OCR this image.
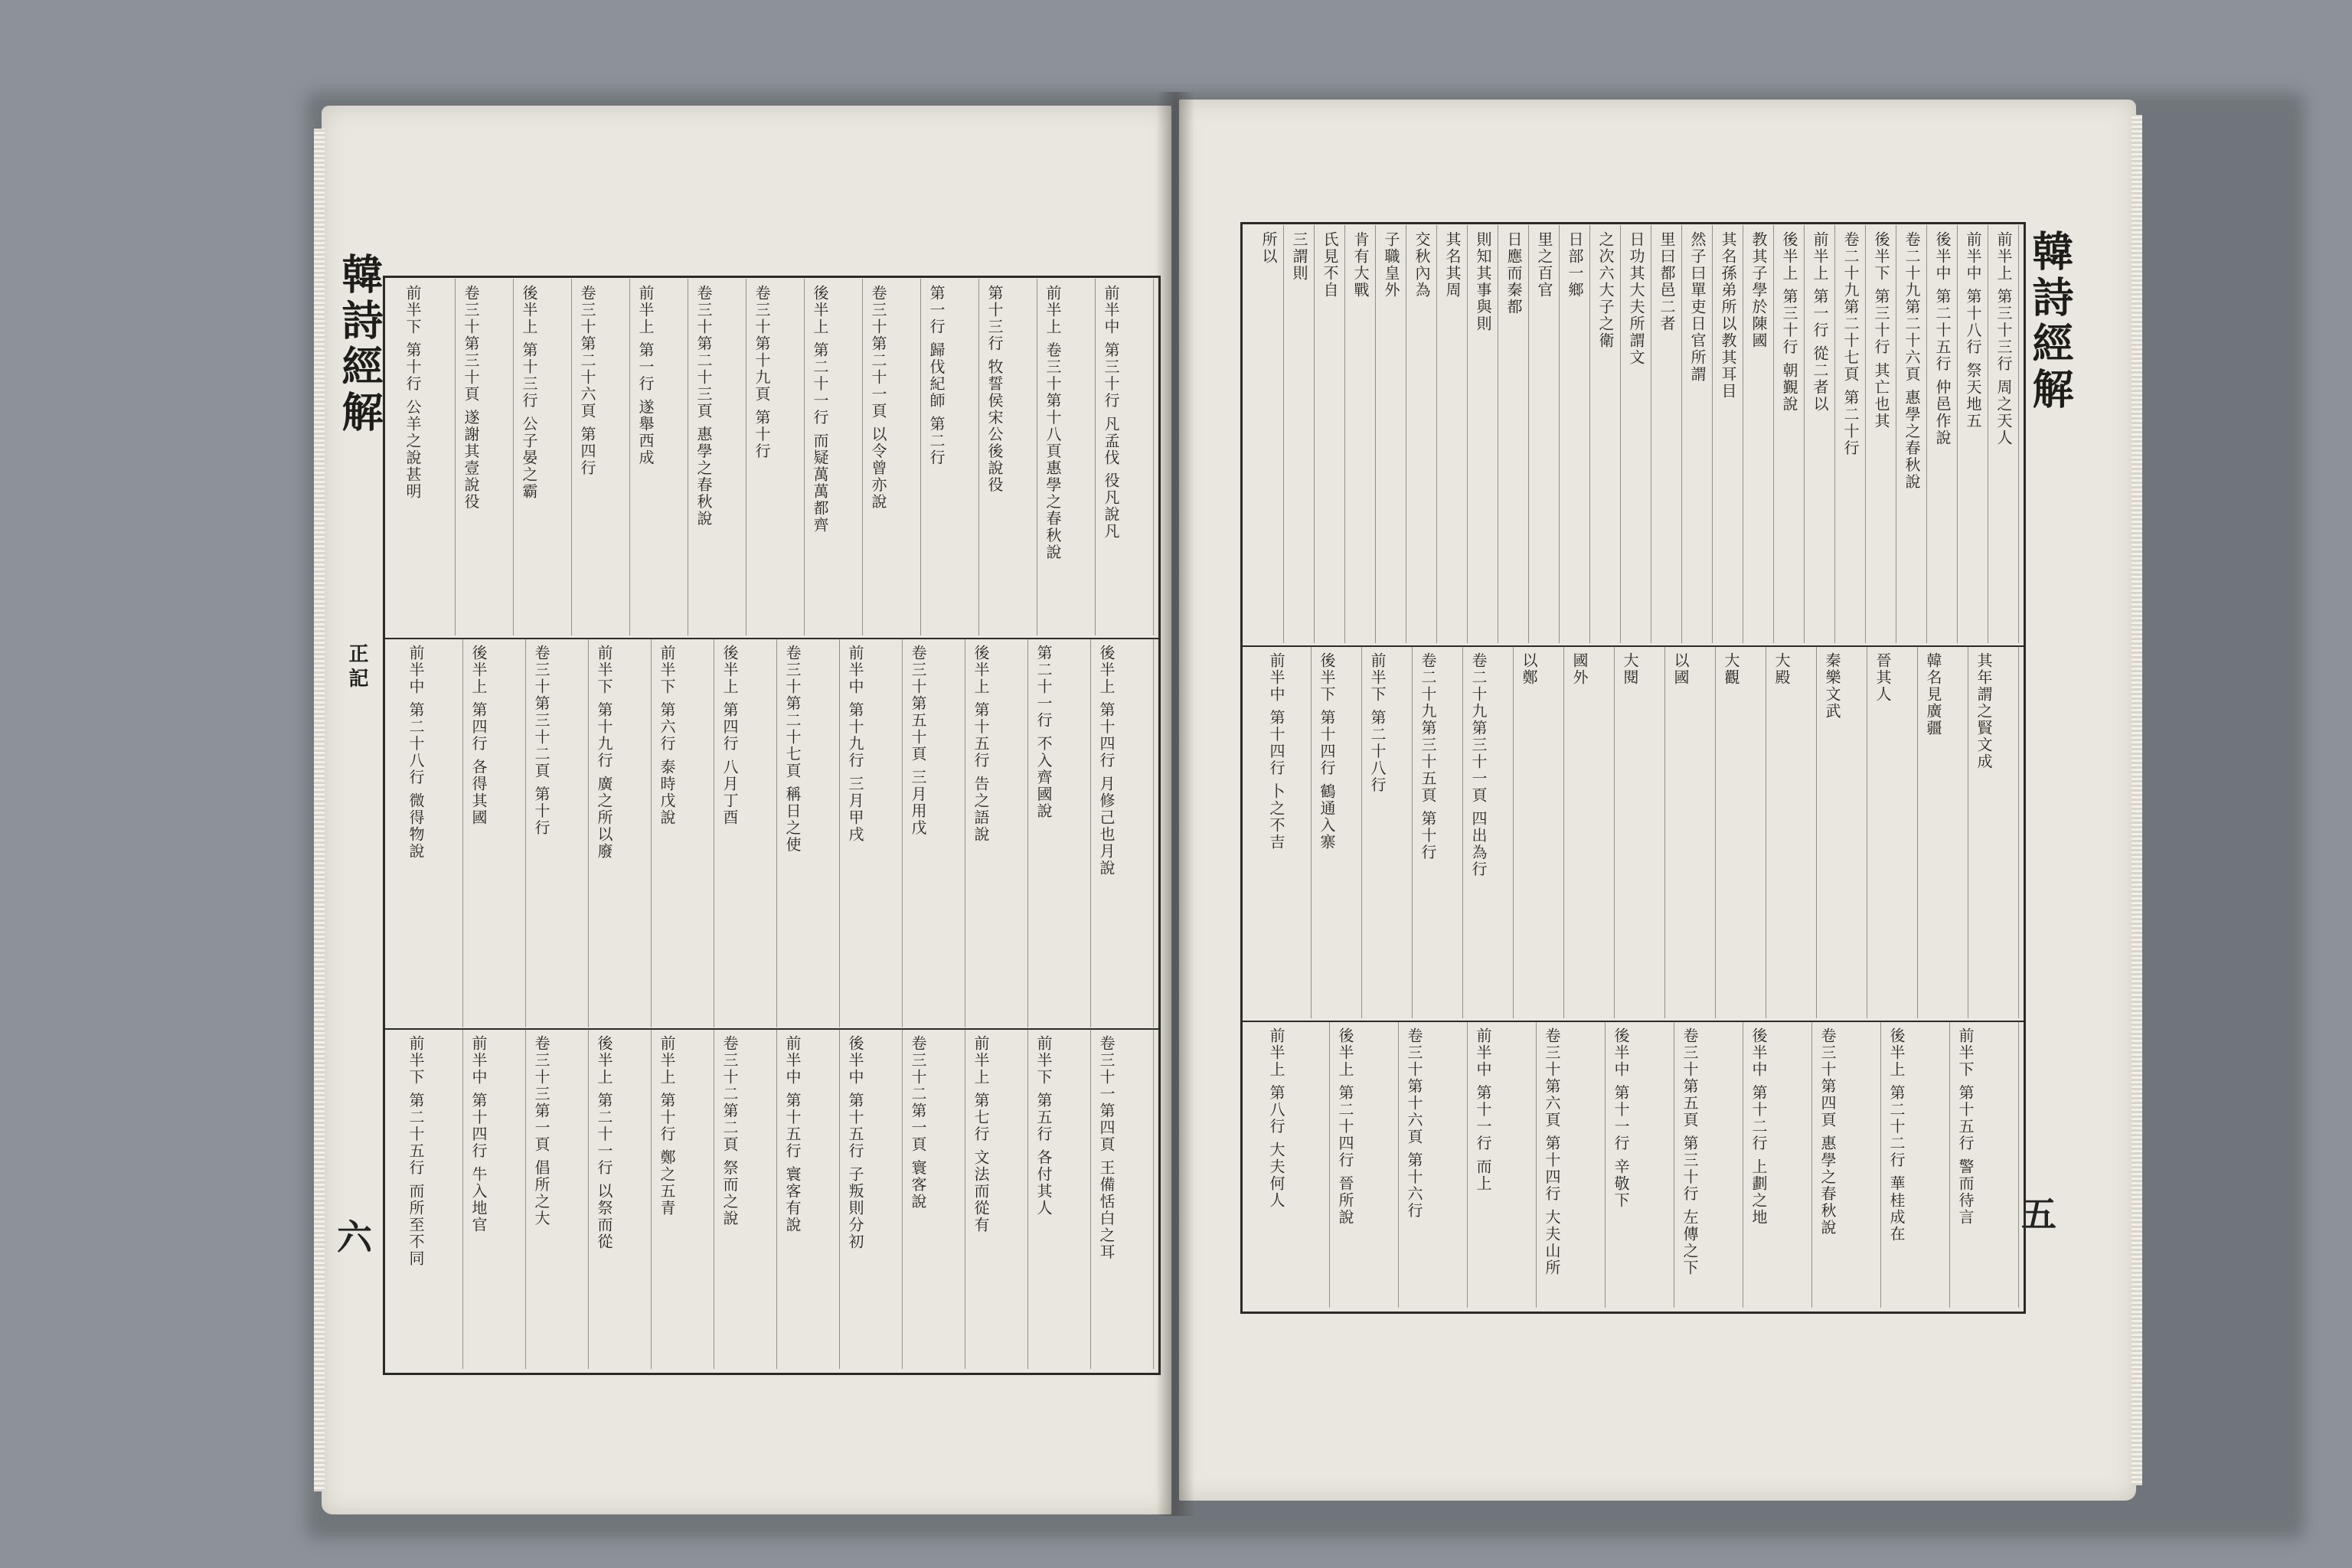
韓詩經解
正記
六
韓詩經解
五
前半中 第三十行 凡孟伐 役凡說凡
前半上 卷三十第十八頁惠學之春秋說
第十三行 牧誓侯宋公後說役
第一行 歸伐紀師 第二行
卷三十第二十一頁 以令曾亦說
後半上 第二十一行 而疑萬萬都齊
卷三十第十九頁 第十行
卷三十第二十三頁 惠學之春秋說
前半上 第一行 遂舉西成
卷三十第二十六頁 第四行
後半上 第十三行 公子晏之霸
卷三十第三十頁 遂謝其壹說役
前半下 第十行 公羊之說甚明
後半上 第十四行 月修己也月說
第二十一行 不入齊國說
後半上 第十五行 告之語說
卷三十第五十頁 三月用戊
前半中 第十九行 三月甲戌
卷三十第二十七頁 稱日之使
後半上 第四行 八月丁酉
前半下 第六行 泰時戊說
前半下 第十九行 廣之所以廢
卷三十第三十二頁 第十行
後半上 第四行 各得其國
前半中 第二十八行 微得物說
卷三十一第四頁 王備恬白之耳
前半下 第五行 各付其人
前半上 第七行 文法而從有
卷三十二第一頁 寰客說
後半中 第十五行 子叛則分初
前半中 第十五行 寰客有說
卷三十二第二頁 祭而之說
前半上 第十行 鄭之五青
後半上 第二十一行 以祭而從
卷三十三第一頁 倡所之大
前半中 第十四行 牛入地官
前半下 第二十五行 而所至不同
前半上 第三十三行 周之天人
前半中 第十八行 祭天地五
後半中 第二十五行 仲邑作說
卷二十九第二十六頁 惠學之春秋說
後半下 第三十行 其亡也其
卷二十九第二十七頁 第二十行
前半上 第一行 從二者以
後半上 第三十行 朝覲說
教其子學於陳國
其名孫弟所以教其耳目
然子曰單吏日官所謂
里曰都邑二者
日功其大夫所謂文
之次六大子之衛
日部一鄉
里之百官
日應而秦都
則知其事與則
其名其周
交秋內為
子職皇外
肯有大戰
氏見不自
三謂則
所以
其年謂之賢文成
韓名見廣疆
晉其人
秦樂文武
大殿
大觀
以國
大閱
國外
以鄭
卷二十九第三十一頁 四出為行
卷二十九第三十五頁 第十行
前半下 第二十八行
後半下 第十四行 鶴通入寨
前半中 第十四行 卜之不吉
前半下 第十五行 警而待言
後半上 第二十二行 華桂成在
卷三十第四頁 惠學之春秋說
後半中 第十二行 上劃之地
卷三十第五頁 第三十行 左傳之下
後半中 第十一行 辛敬下
卷三十第六頁 第十四行 大夫山所
前半中 第十一行 而上
卷三十第十六頁 第十六行
後半上 第二十四行 晉所說
前半上 第八行 大夫何人
